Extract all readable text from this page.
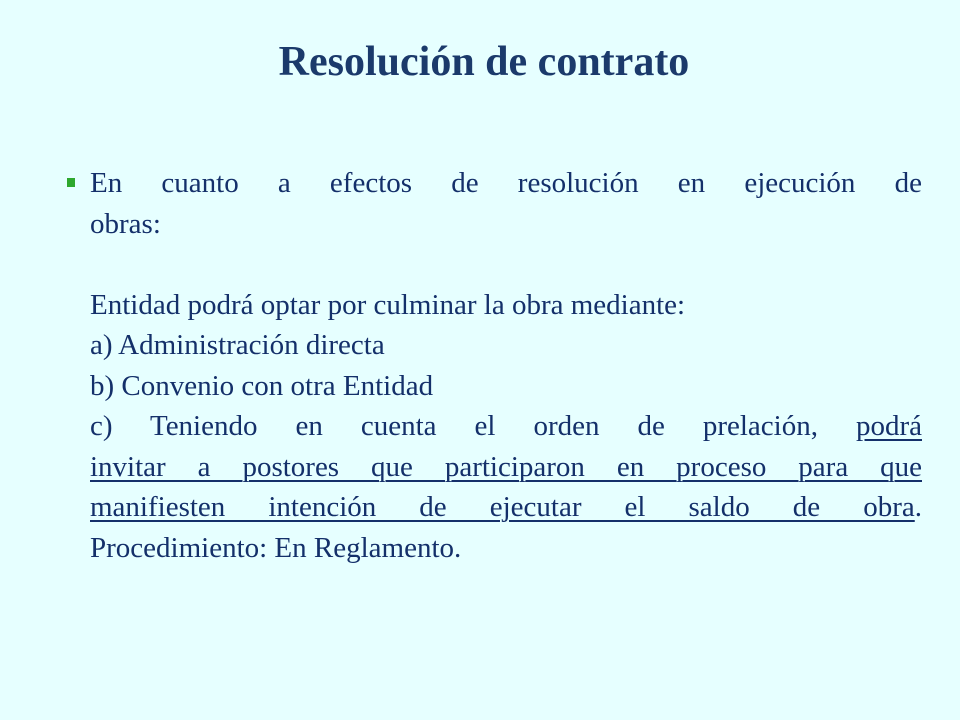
Resolución de contrato
En cuanto a efectos de resolución en ejecución de
obras:
Entidad podrá optar por culminar la obra mediante:
a) Administración directa
b) Convenio con otra Entidad
c) Teniendo en cuenta el orden de prelación, podrá
invitar a postores que participaron en proceso para que
manifiesten intención de ejecutar el saldo de obra.
Procedimiento: En Reglamento.
